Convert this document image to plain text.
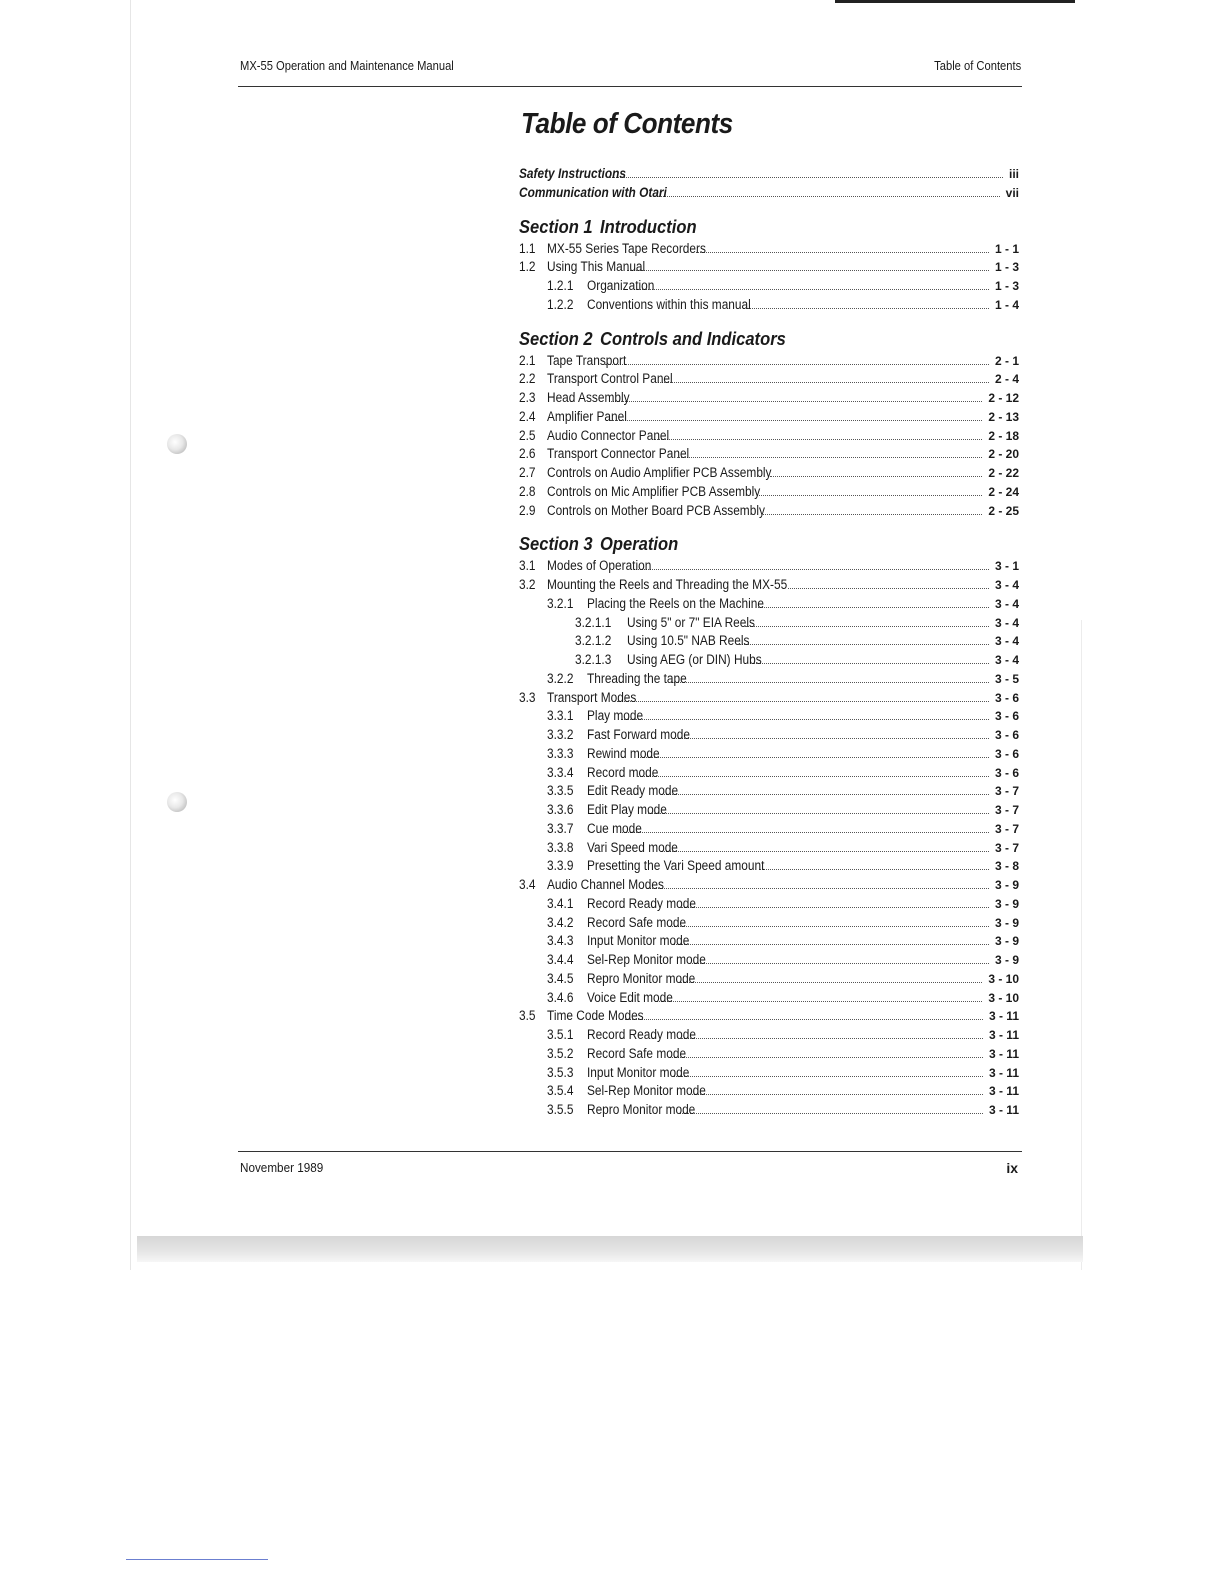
MX-55 Operation and Maintenance Manual	Table of Contents
Table of Contents
Safety Instructions	iii
Communication with Otari	vii
Section 1 Introduction
1.1 MX-55 Series Tape Recorders	1 - 1
1.2 Using This Manual	1 - 3
1.2.1	Organization	1 - 3
1.2.2	Conventions within this manual	1 - 4
Section 2 Controls and Indicators
2.1 Tape Transport	2 - 1
2.2 Transport Control Panel	2 - 4
2.3 Head Assembly	2 - 12
2.4 Amplifier Panel	2 - 13
2.5 Audio Connector Panel	2 - 18
2.6 Transport Connector Panel	2 - 20
2.7 Controls on Audio Amplifier PCB Assembly	2 - 22
2.8 Controls on Mic Amplifier PCB Assembly	2 - 24
2.9 Controls on Mother Board PCB Assembly	2 - 25
Section 3 Operation
3.1 Modes of Operation	3 - 1
3.2 Mounting the Reels and Threading the MX-55	3 - 4
3.2.1	Placing the Reels on the Machine	3 - 4
3.2.1.1	Using 5" or 7" EIA Reels	3 - 4
3.2.1.2	Using 10.5" NAB Reels	3 - 4
3.2.1.3	Using AEG (or DIN) Hubs	3 - 4
3.2.2	Threading the tape	3 - 5
3.3 Transport Modes	3 - 6
3.3.1	Play mode	3 - 6
3.3.2	Fast Forward mode	3 - 6
3.3.3	Rewind mode	3 - 6
3.3.4	Record mode	3 - 6
3.3.5	Edit Ready mode	3 - 7
3.3.6	Edit Play mode	3 - 7
3.3.7	Cue mode	3 - 7
3.3.8	Vari Speed mode	3 - 7
3.3.9	Presetting the Vari Speed amount	3 - 8
3.4 Audio Channel Modes	3 - 9
3.4.1	Record Ready mode	3 - 9
3.4.2	Record Safe mode	3 - 9
3.4.3	Input Monitor mode	3 - 9
3.4.4	Sel-Rep Monitor mode	3 - 9
3.4.5	Repro Monitor mode	3 - 10
3.4.6	Voice Edit mode	3 - 10
3.5 Time Code Modes	3 - 11
3.5.1	Record Ready mode	3 - 11
3.5.2	Record Safe mode	3 - 11
3.5.3	Input Monitor mode	3 - 11
3.5.4	Sel-Rep Monitor mode	3 - 11
3.5.5	Repro Monitor mode	3 - 11
November 1989	ix
